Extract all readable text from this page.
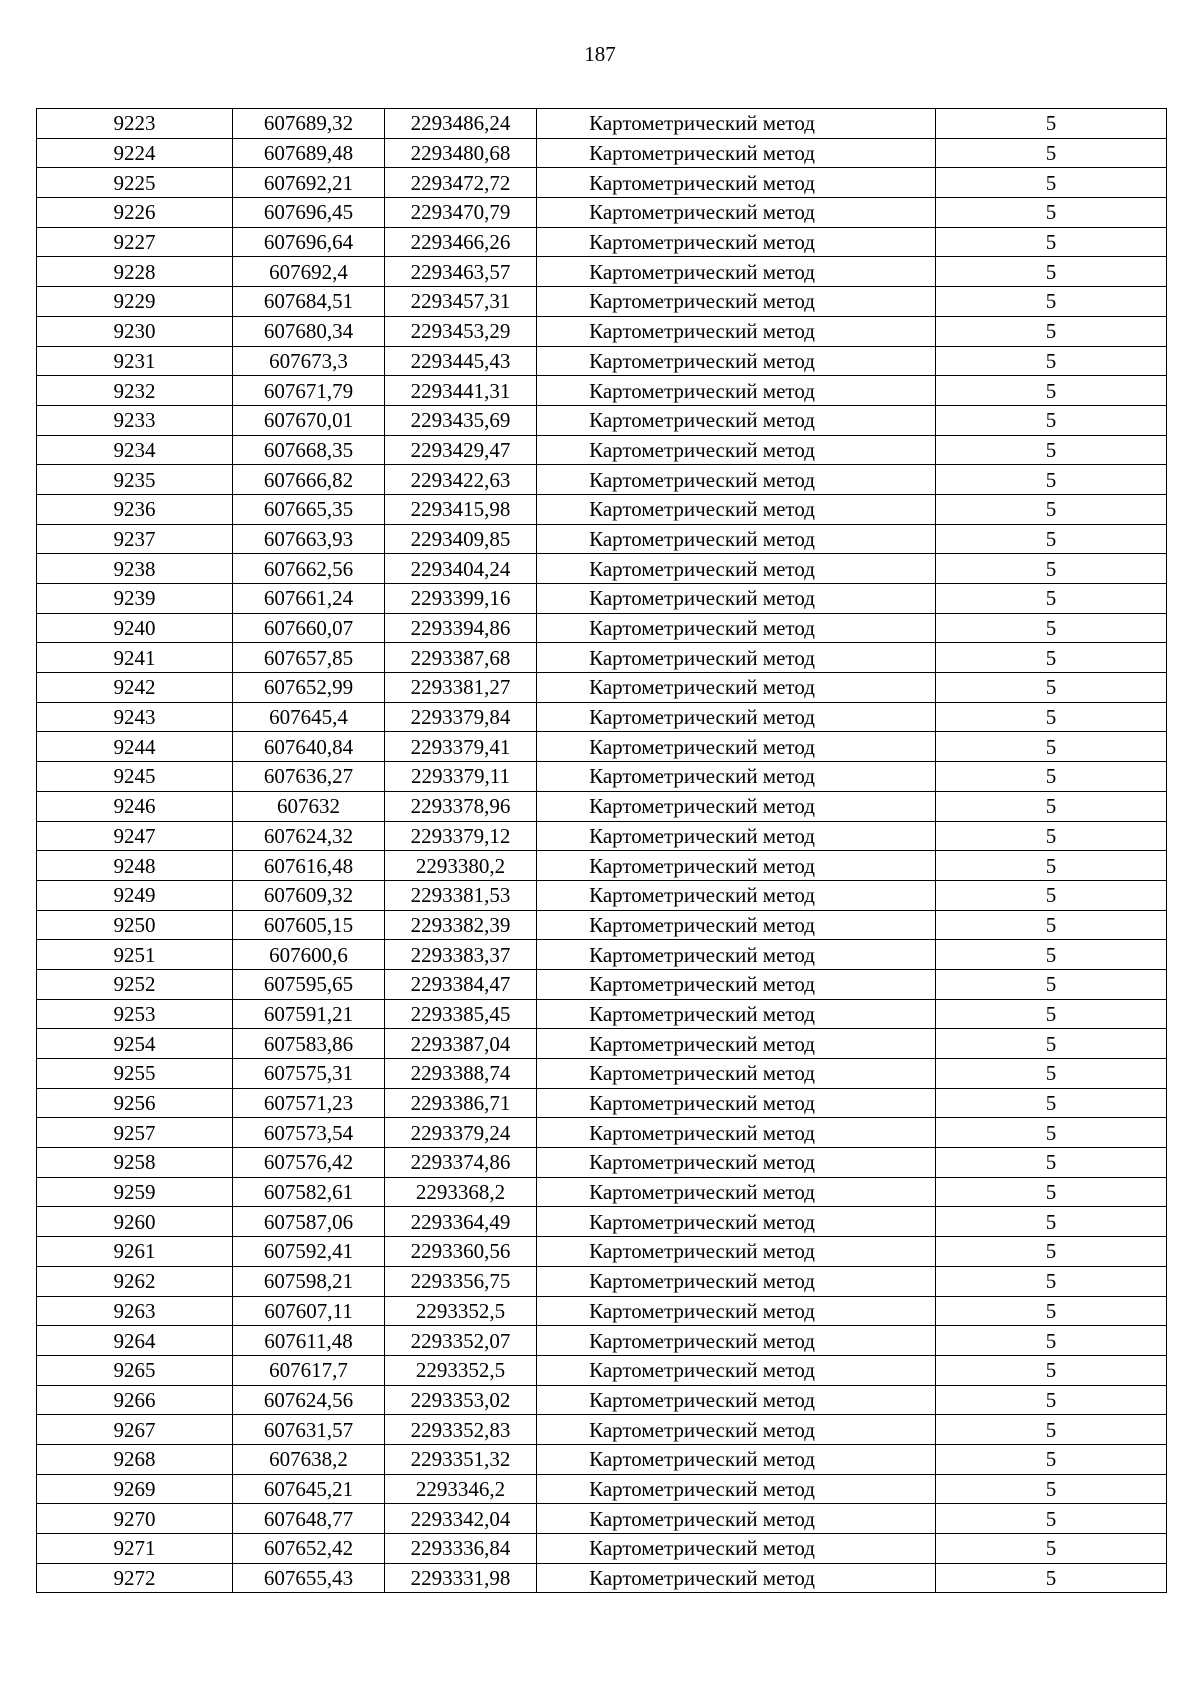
187
9223	607689,32	2293486,24	Картометрический метод	5
9224	607689,48	2293480,68	Картометрический метод	5
9225	607692,21	2293472,72	Картометрический метод	5
9226	607696,45	2293470,79	Картометрический метод	5
9227	607696,64	2293466,26	Картометрический метод	5
9228	607692,4	2293463,57	Картометрический метод	5
9229	607684,51	2293457,31	Картометрический метод	5
9230	607680,34	2293453,29	Картометрический метод	5
9231	607673,3	2293445,43	Картометрический метод	5
9232	607671,79	2293441,31	Картометрический метод	5
9233	607670,01	2293435,69	Картометрический метод	5
9234	607668,35	2293429,47	Картометрический метод	5
9235	607666,82	2293422,63	Картометрический метод	5
9236	607665,35	2293415,98	Картометрический метод	5
9237	607663,93	2293409,85	Картометрический метод	5
9238	607662,56	2293404,24	Картометрический метод	5
9239	607661,24	2293399,16	Картометрический метод	5
9240	607660,07	2293394,86	Картометрический метод	5
9241	607657,85	2293387,68	Картометрический метод	5
9242	607652,99	2293381,27	Картометрический метод	5
9243	607645,4	2293379,84	Картометрический метод	5
9244	607640,84	2293379,41	Картометрический метод	5
9245	607636,27	2293379,11	Картометрический метод	5
9246	607632	2293378,96	Картометрический метод	5
9247	607624,32	2293379,12	Картометрический метод	5
9248	607616,48	2293380,2	Картометрический метод	5
9249	607609,32	2293381,53	Картометрический метод	5
9250	607605,15	2293382,39	Картометрический метод	5
9251	607600,6	2293383,37	Картометрический метод	5
9252	607595,65	2293384,47	Картометрический метод	5
9253	607591,21	2293385,45	Картометрический метод	5
9254	607583,86	2293387,04	Картометрический метод	5
9255	607575,31	2293388,74	Картометрический метод	5
9256	607571,23	2293386,71	Картометрический метод	5
9257	607573,54	2293379,24	Картометрический метод	5
9258	607576,42	2293374,86	Картометрический метод	5
9259	607582,61	2293368,2	Картометрический метод	5
9260	607587,06	2293364,49	Картометрический метод	5
9261	607592,41	2293360,56	Картометрический метод	5
9262	607598,21	2293356,75	Картометрический метод	5
9263	607607,11	2293352,5	Картометрический метод	5
9264	607611,48	2293352,07	Картометрический метод	5
9265	607617,7	2293352,5	Картометрический метод	5
9266	607624,56	2293353,02	Картометрический метод	5
9267	607631,57	2293352,83	Картометрический метод	5
9268	607638,2	2293351,32	Картометрический метод	5
9269	607645,21	2293346,2	Картометрический метод	5
9270	607648,77	2293342,04	Картометрический метод	5
9271	607652,42	2293336,84	Картометрический метод	5
9272	607655,43	2293331,98	Картометрический метод	5
